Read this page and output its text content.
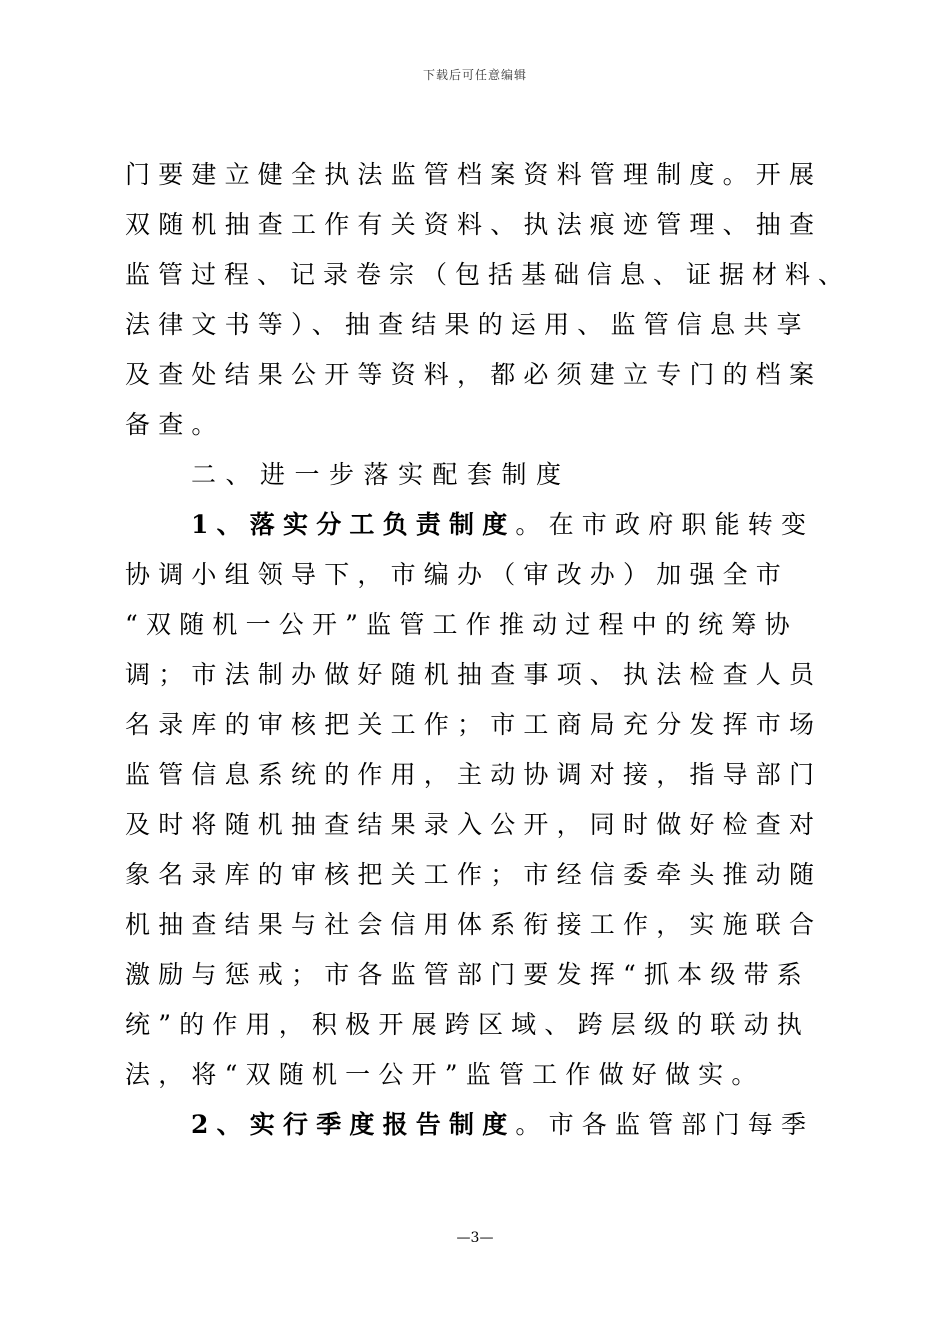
下载后可任意编辑
门要建立健全执法监管档案资料管理制度。开展
双随机抽查工作有关资料、执法痕迹管理、抽查
监管过程、记录卷宗（包括基础信息、证据材料、
法律文书等）、抽查结果的运用、监管信息共享
及查处结果公开等资料，都必须建立专门的档案
备查。
二、进一步落实配套制度
1、落实分工负责制度。在市政府职能转变
协调小组领导下，市编办（审改办）加强全市
“双随机一公开”监管工作推动过程中的统筹协
调；市法制办做好随机抽查事项、执法检查人员
名录库的审核把关工作；市工商局充分发挥市场
监管信息系统的作用，主动协调对接，指导部门
及时将随机抽查结果录入公开，同时做好检查对
象名录库的审核把关工作；市经信委牵头推动随
机抽查结果与社会信用体系衔接工作，实施联合
激励与惩戒；市各监管部门要发挥“抓本级带系
统”的作用，积极开展跨区域、跨层级的联动执
法，将“双随机一公开”监管工作做好做实。
2、实行季度报告制度。市各监管部门每季
—3—
